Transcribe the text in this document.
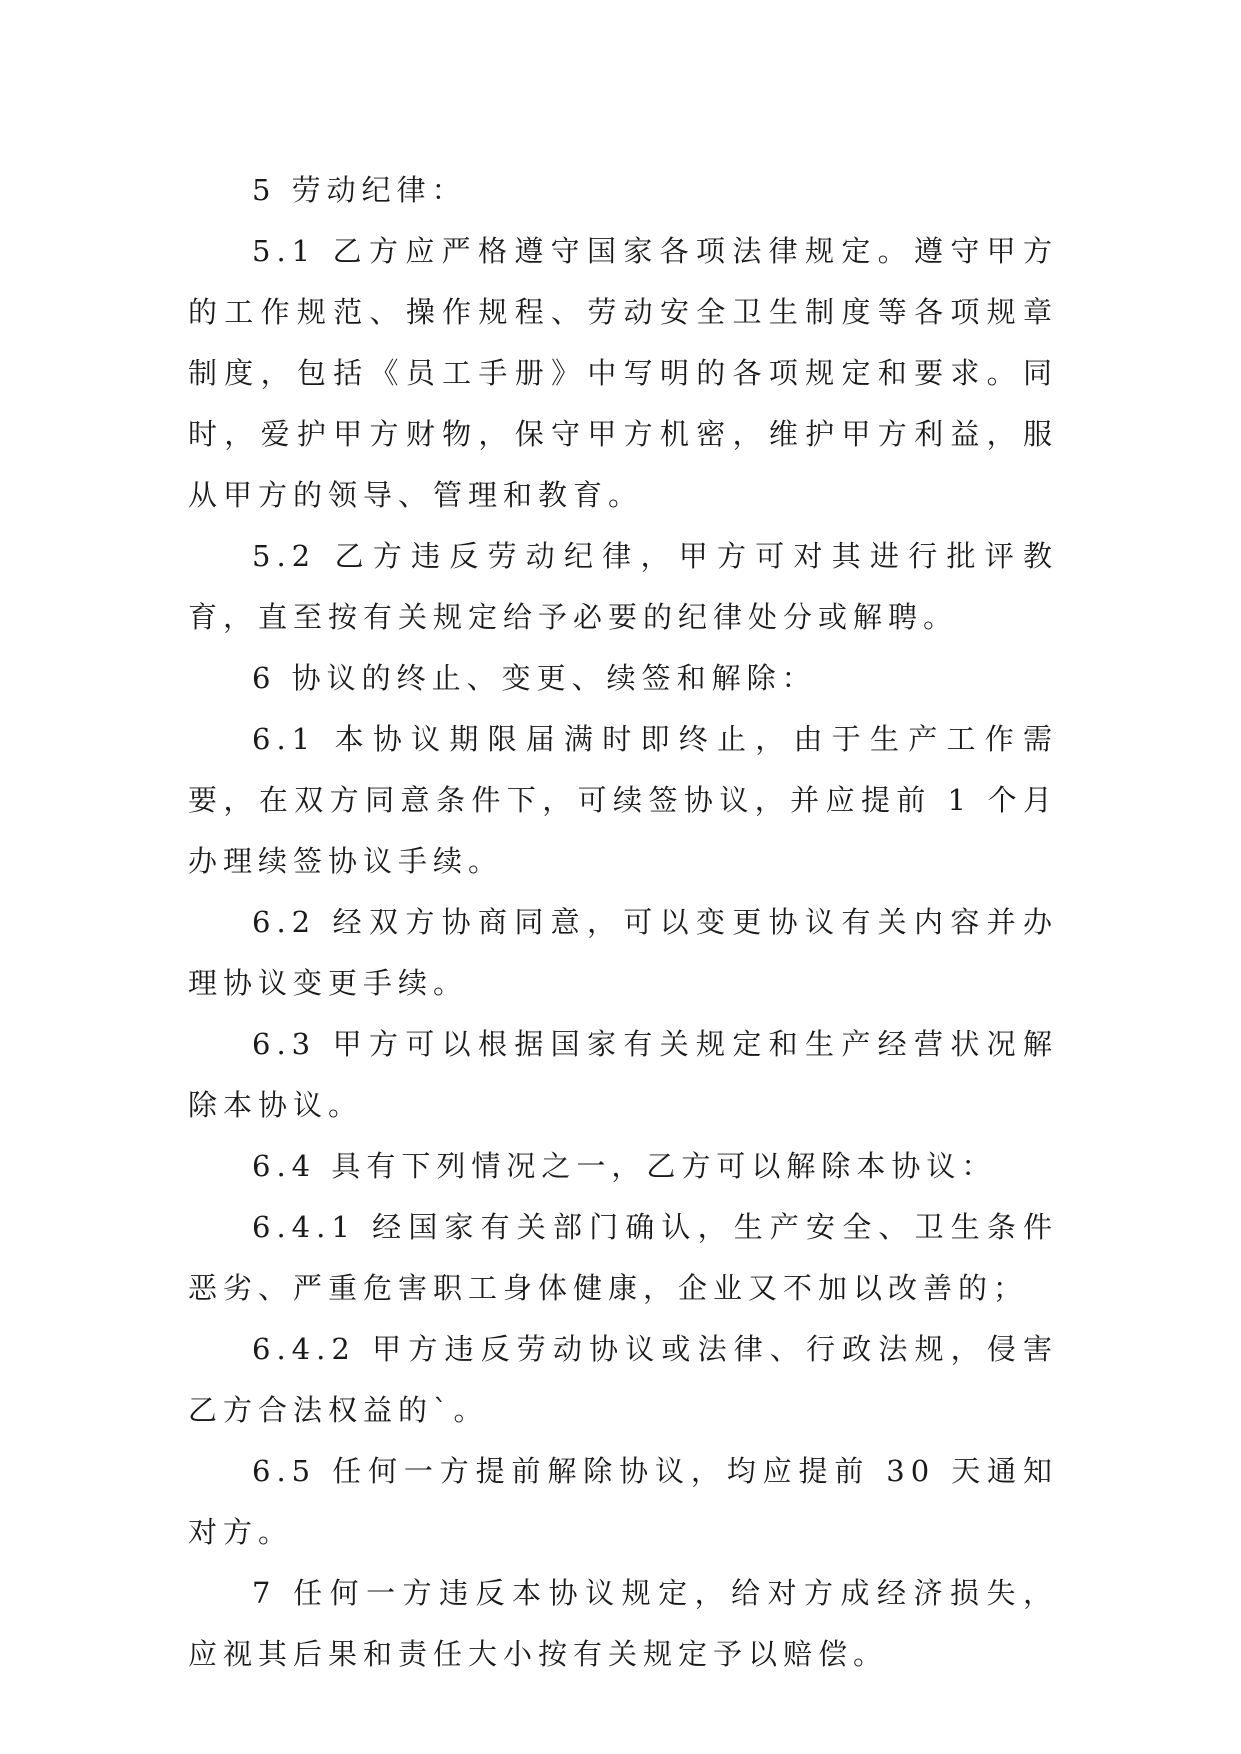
5 劳动纪律：

5.1 乙方应严格遵守国家各项法律规定。遵守甲方的工作规范、操作规程、劳动安全卫生制度等各项规章制度，包括《员工手册》中写明的各项规定和要求。同时，爱护甲方财物，保守甲方机密，维护甲方利益，服从甲方的领导、管理和教育。

5.2 乙方违反劳动纪律，甲方可对其进行批评教育，直至按有关规定给予必要的纪律处分或解聘。

6 协议的终止、变更、续签和解除：

6.1 本协议期限届满时即终止，由于生产工作需要，在双方同意条件下，可续签协议，并应提前 1 个月办理续签协议手续。

6.2 经双方协商同意，可以变更协议有关内容并办理协议变更手续。

6.3 甲方可以根据国家有关规定和生产经营状况解除本协议。

6.4 具有下列情况之一，乙方可以解除本协议：

6.4.1 经国家有关部门确认，生产安全、卫生条件恶劣、严重危害职工身体健康，企业又不加以改善的；

6.4.2 甲方违反劳动协议或法律、行政法规，侵害乙方合法权益的`。

6.5 任何一方提前解除协议，均应提前 30 天通知对方。

7 任何一方违反本协议规定，给对方成经济损失，应视其后果和责任大小按有关规定予以赔偿。
